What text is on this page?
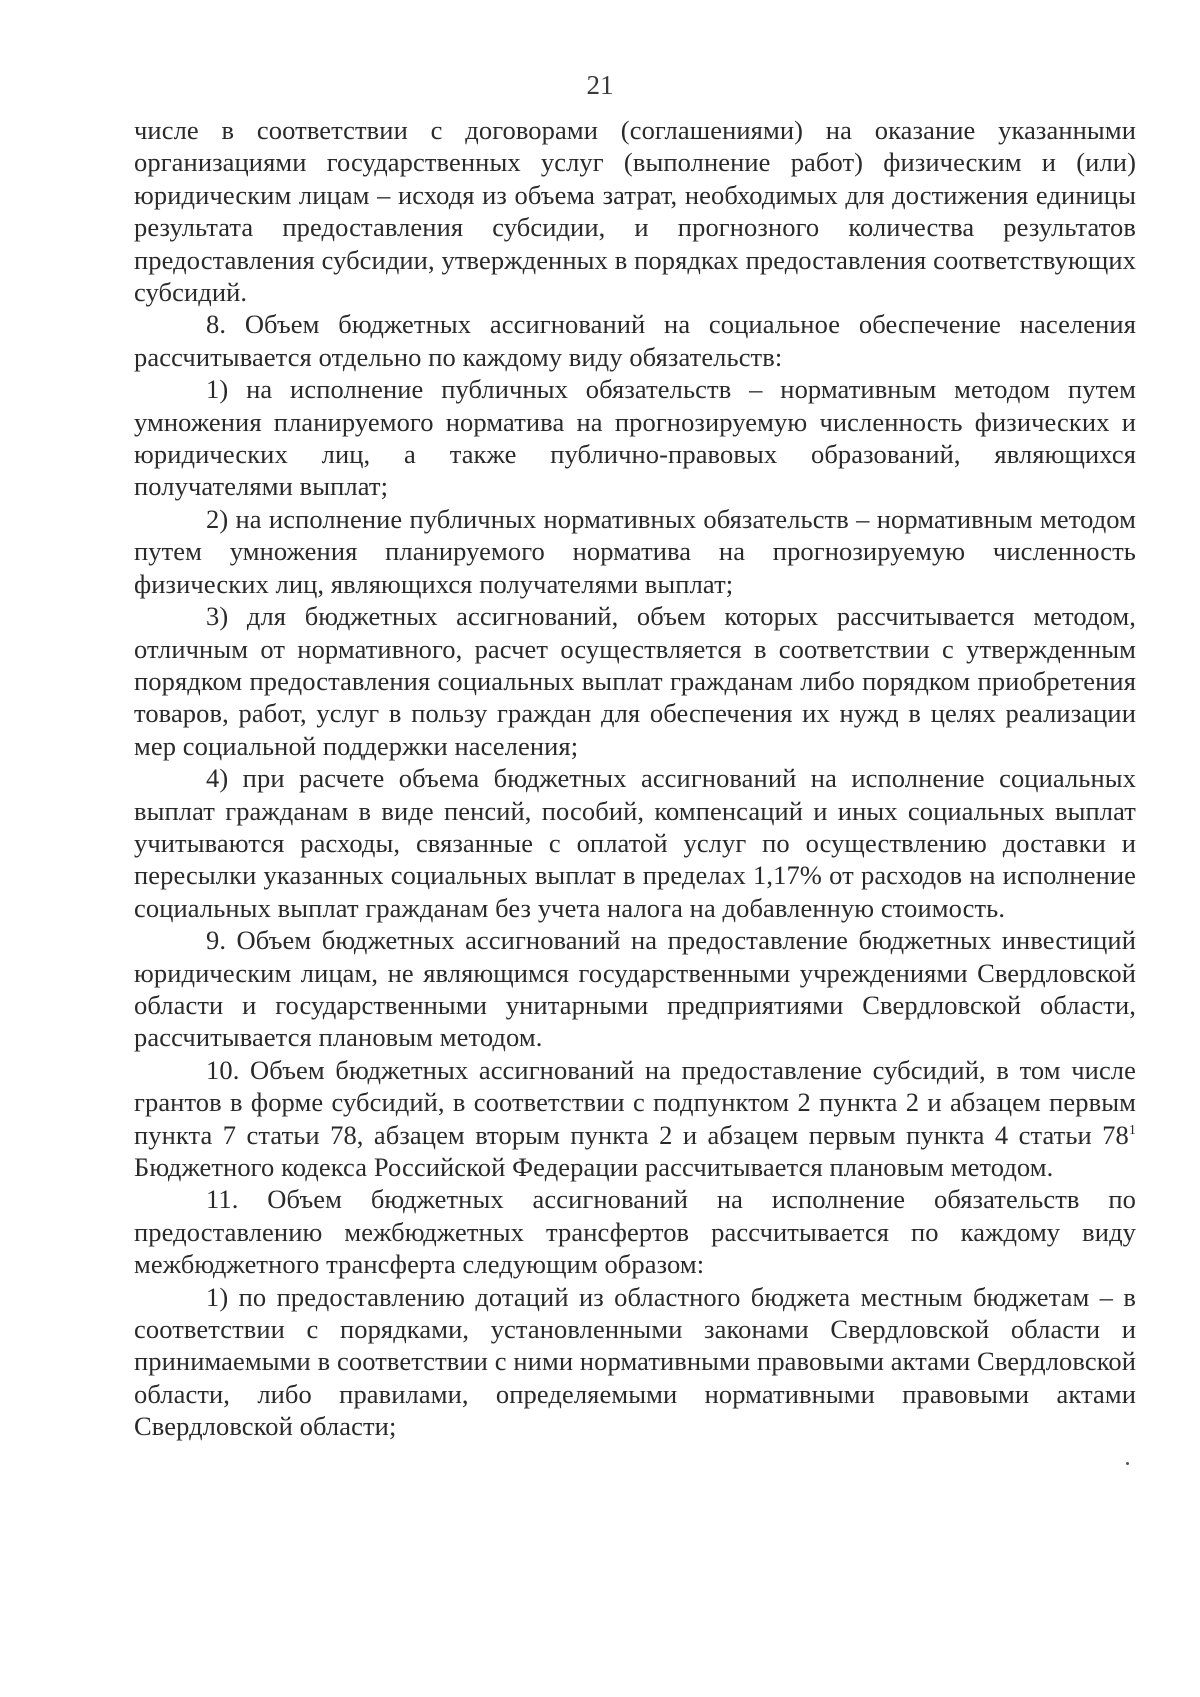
21

числе в соответствии с договорами (соглашениями) на оказание указанными организациями государственных услуг (выполнение работ) физическим и (или) юридическим лицам – исходя из объема затрат, необходимых для достижения единицы результата предоставления субсидии, и прогнозного количества результатов предоставления субсидии, утвержденных в порядках предоставления соответствующих субсидий.

8. Объем бюджетных ассигнований на социальное обеспечение населения рассчитывается отдельно по каждому виду обязательств:

1) на исполнение публичных обязательств – нормативным методом путем умножения планируемого норматива на прогнозируемую численность физических и юридических лиц, а также публично-правовых образований, являющихся получателями выплат;

2) на исполнение публичных нормативных обязательств – нормативным методом путем умножения планируемого норматива на прогнозируемую численность физических лиц, являющихся получателями выплат;

3) для бюджетных ассигнований, объем которых рассчитывается методом, отличным от нормативного, расчет осуществляется в соответствии с утвержденным порядком предоставления социальных выплат гражданам либо порядком приобретения товаров, работ, услуг в пользу граждан для обеспечения их нужд в целях реализации мер социальной поддержки населения;

4) при расчете объема бюджетных ассигнований на исполнение социальных выплат гражданам в виде пенсий, пособий, компенсаций и иных социальных выплат учитываются расходы, связанные с оплатой услуг по осуществлению доставки и пересылки указанных социальных выплат в пределах 1,17% от расходов на исполнение социальных выплат гражданам без учета налога на добавленную стоимость.

9. Объем бюджетных ассигнований на предоставление бюджетных инвестиций юридическим лицам, не являющимся государственными учреждениями Свердловской области и государственными унитарными предприятиями Свердловской области, рассчитывается плановым методом.

10. Объем бюджетных ассигнований на предоставление субсидий, в том числе грантов в форме субсидий, в соответствии с подпунктом 2 пункта 2 и абзацем первым пункта 7 статьи 78, абзацем вторым пункта 2 и абзацем первым пункта 4 статьи $78^1$ Бюджетного кодекса Российской Федерации рассчитывается плановым методом.

11. Объем бюджетных ассигнований на исполнение обязательств по предоставлению межбюджетных трансфертов рассчитывается по каждому виду межбюджетного трансферта следующим образом:

1) по предоставлению дотаций из областного бюджета местным бюджетам – в соответствии с порядками, установленными законами Свердловской области и принимаемыми в соответствии с ними нормативными правовыми актами Свердловской области, либо правилами, определяемыми нормативными правовыми актами Свердловской области;
